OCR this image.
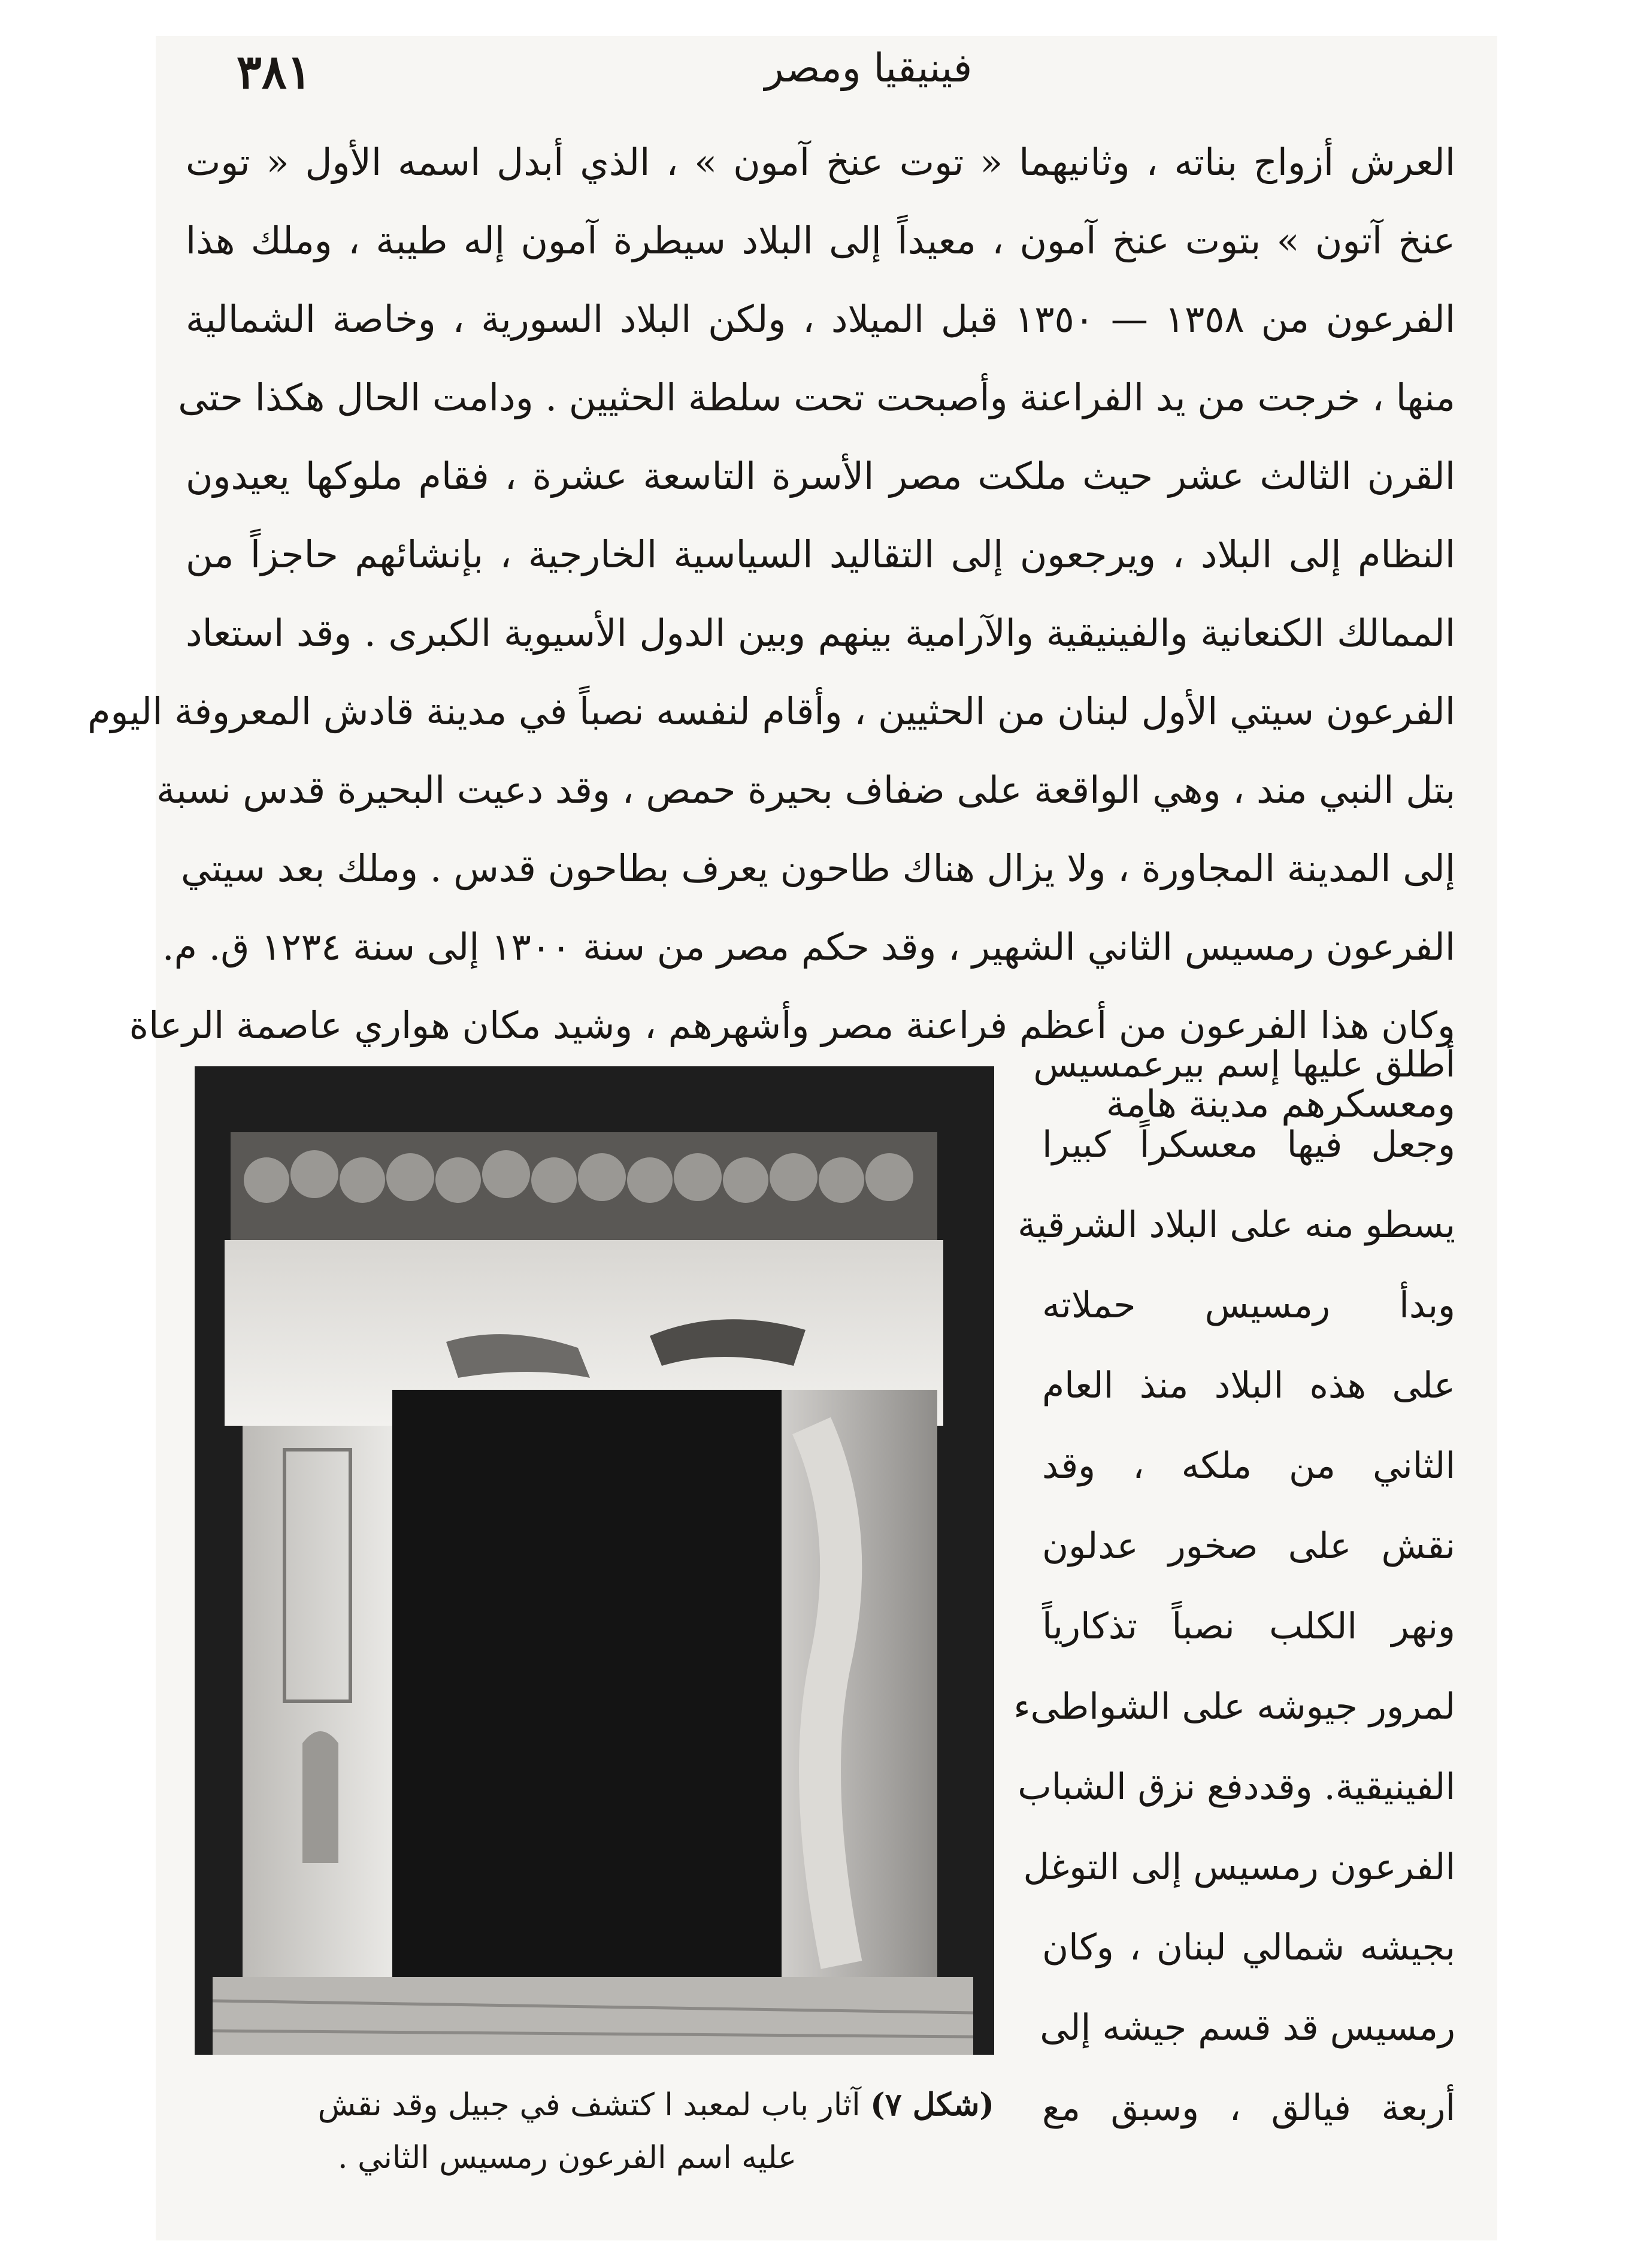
٣٨١	فينيقيا ومصر
العرش أزواج بناته ، وثانيهما « توت عنخ آمون » ، الذي أبدل اسمه الأول « توت
عنخ آتون » بتوت عنخ آمون ، معيداً إلى البلاد سيطرة آمون إله طيبة ، وملك هذا
الفرعون من ١٣٥٨ — ١٣٥٠ قبل الميلاد ، ولكن البلاد السورية ، وخاصة الشمالية
منها ، خرجت من يد الفراعنة وأصبحت تحت سلطة الحثيين . ودامت الحال هكذا حتى
القرن الثالث عشر حيث ملكت مصر الأسرة التاسعة عشرة ، فقام ملوكها يعيدون
النظام إلى البلاد ، ويرجعون إلى التقاليد السياسية الخارجية ، بإنشائهم حاجزاً من
الممالك الكنعانية والفينيقية والآرامية بينهم وبين الدول الأسيوية الكبرى . وقد استعاد
الفرعون سيتي الأول لبنان من الحثيين ، وأقام لنفسه نصباً في مدينة قادش المعروفة اليوم
بتل النبي مند ، وهي الواقعة على ضفاف بحيرة حمص ، وقد دعيت البحيرة قدس نسبة
إلى المدينة المجاورة ، ولا يزال هناك طاحون يعرف بطاحون قدس . وملك بعد سيتي
الفرعون رمسيس الثاني الشهير ، وقد حكم مصر من سنة ١٣٠٠ إلى سنة ١٢٣٤ ق. م.
وكان هذا الفرعون من أعظم فراعنة مصر وأشهرهم ، وشيد مكان هواري عاصمة الرعاة
ومعسكرهم مدينة هامة
أطلق عليها إسم بيرعمسيس
وجعل فيها معسكراً كبيرا
يسطو منه على البلاد الشرقية
وبدأ رمسيس حملاته
على هذه البلاد منذ العام
الثاني من ملكه ، وقد
نقش على صخور عدلون
ونهر الكلب نصباً تذكارياً
لمرور جيوشه على الشواطىء
الفينيقية. وقددفع نزق الشباب
الفرعون رمسيس إلى التوغل
بجيشه شمالي لبنان ، وكان
رمسيس قد قسم جيشه إلى
أربعة فيالق ، وسبق مع
(شكل ٧) آثار باب لمعبد ا كتشف في جبيل وقد نقش
عليه اسم الفرعون رمسيس الثاني .
